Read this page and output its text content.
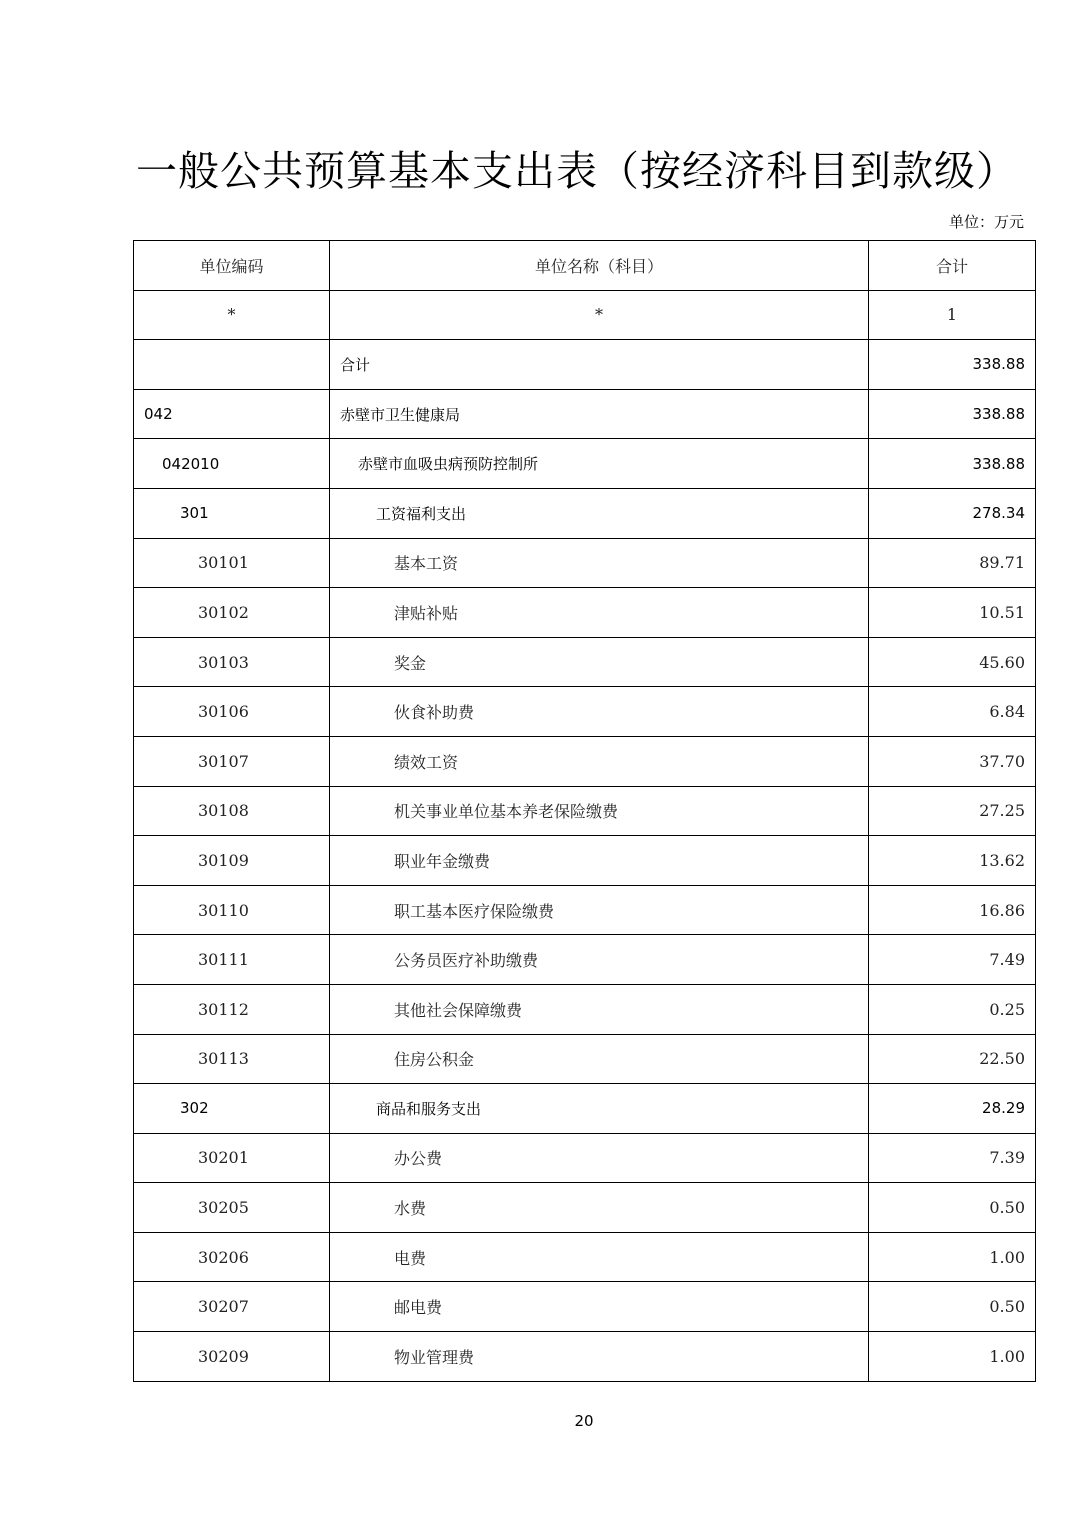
一般公共预算基本支出表（按经济科目到款级）
单位：万元
单位编码	单位名称（科目）	合计
*	*	1
	合计	338.88
042	赤壁市卫生健康局	338.88
042010	赤壁市血吸虫病预防控制所	338.88
301	工资福利支出	278.34
30101	基本工资	89.71
30102	津贴补贴	10.51
30103	奖金	45.60
30106	伙食补助费	6.84
30107	绩效工资	37.70
30108	机关事业单位基本养老保险缴费	27.25
30109	职业年金缴费	13.62
30110	职工基本医疗保险缴费	16.86
30111	公务员医疗补助缴费	7.49
30112	其他社会保障缴费	0.25
30113	住房公积金	22.50
302	商品和服务支出	28.29
30201	办公费	7.39
30205	水费	0.50
30206	电费	1.00
30207	邮电费	0.50
30209	物业管理费	1.00
20
